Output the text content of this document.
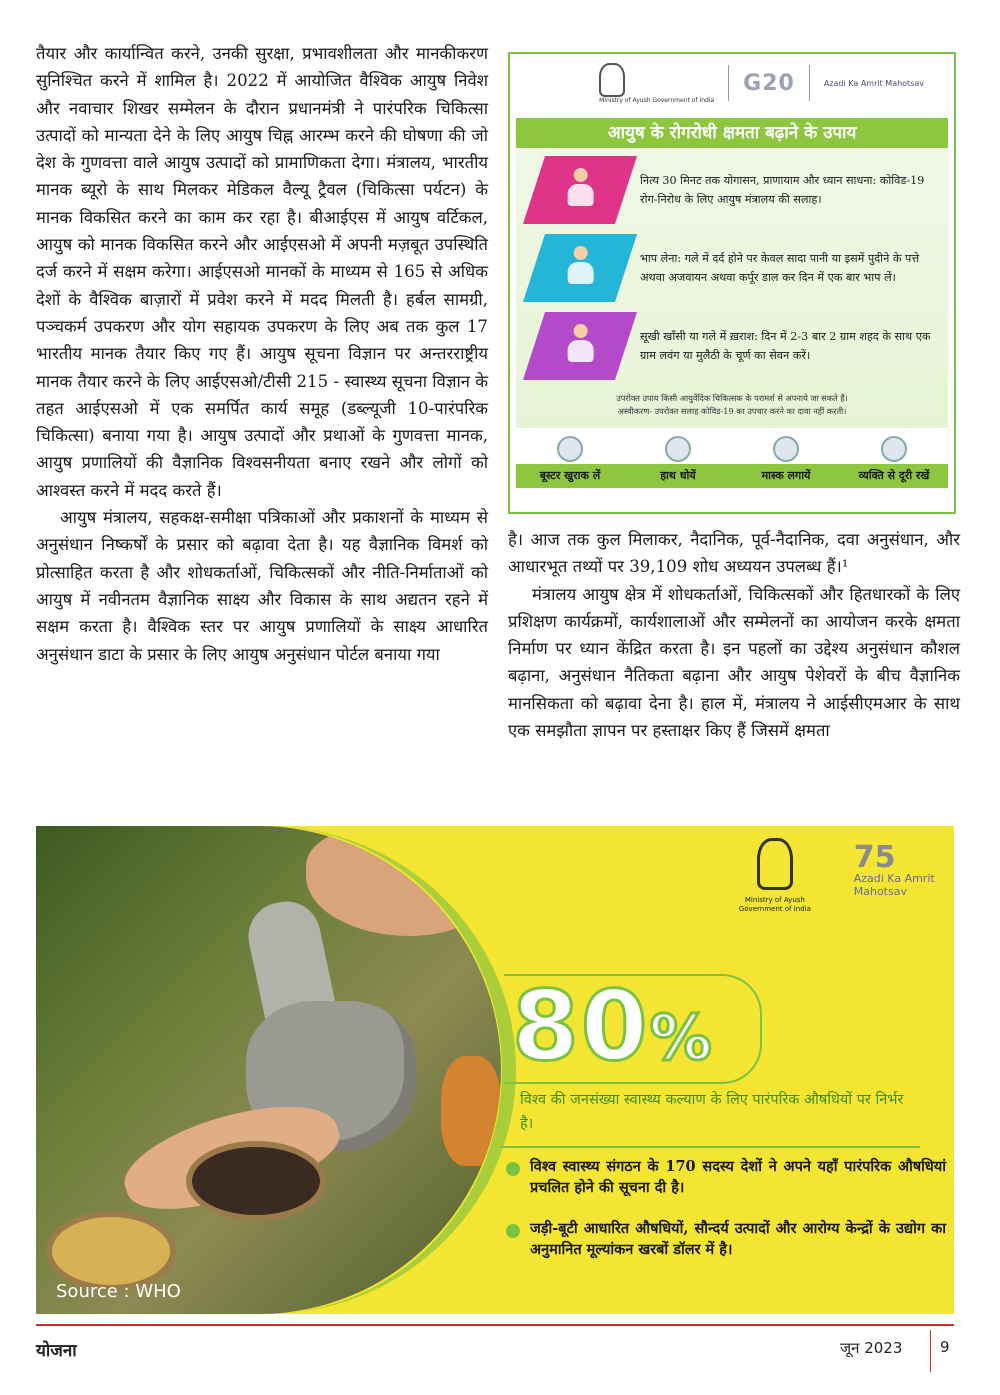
तैयार और कार्यान्वित करने, उनकी सुरक्षा, प्रभावशीलता और मानकीकरण सुनिश्चित करने में शामिल है। 2022 में आयोजित वैश्विक आयुष निवेश और नवाचार शिखर सम्मेलन के दौरान प्रधानमंत्री ने पारंपरिक चिकित्सा उत्पादों को मान्यता देने के लिए आयुष चिह्न आरम्भ करने की घोषणा की जो देश के गुणवत्ता वाले आयुष उत्पादों को प्रामाणिकता देगा। मंत्रालय, भारतीय मानक ब्यूरो के साथ मिलकर मेडिकल वैल्यू ट्रैवल (चिकित्सा पर्यटन) के मानक विकसित करने का काम कर रहा है। बीआईएस में आयुष वर्टिकल, आयुष को मानक विकसित करने और आईएसओ में अपनी मज़बूत उपस्थिति दर्ज करने में सक्षम करेगा। आईएसओ मानकों के माध्यम से 165 से अधिक देशों के वैश्विक बाज़ारों में प्रवेश करने में मदद मिलती है। हर्बल सामग्री, पञ्चकर्म उपकरण और योग सहायक उपकरण के लिए अब तक कुल 17 भारतीय मानक तैयार किए गए हैं। आयुष सूचना विज्ञान पर अन्तरराष्ट्रीय मानक तैयार करने के लिए आईएसओ/टीसी 215 - स्वास्थ्य सूचना विज्ञान के तहत आईएसओ में एक समर्पित कार्य समूह (डब्ल्यूजी 10-पारंपरिक चिकित्सा) बनाया गया है। आयुष उत्पादों और प्रथाओं के गुणवत्ता मानक, आयुष प्रणालियों की वैज्ञानिक विश्वसनीयता बनाए रखने और लोगों को आश्वस्त करने में मदद करते हैं।

आयुष मंत्रालय, सहकक्ष-समीक्षा पत्रिकाओं और प्रकाशनों के माध्यम से अनुसंधान निष्कर्षों के प्रसार को बढ़ावा देता है। यह वैज्ञानिक विमर्श को प्रोत्साहित करता है और शोधकर्ताओं, चिकित्सकों और नीति-निर्माताओं को आयुष में नवीनतम वैज्ञानिक साक्ष्य और विकास के साथ अद्यतन रहने में सक्षम करता है। वैश्विक स्तर पर आयुष प्रणालियों के साक्ष्य आधारित अनुसंधान डाटा के प्रसार के लिए आयुष अनुसंधान पोर्टल बनाया गया

Ministry of Ayush Government of India
G20	Azadi Ka Amrit Mahotsav
आयुष के रोगरोधी क्षमता बढ़ाने के उपाय
नित्य 30 मिनट तक योगासन, प्राणायाम और ध्यान साधना: कोविड-19 रोग-निरोध के लिए आयुष मंत्रालय की सलाह।
भाप लेना: गले में दर्द होने पर केवल सादा पानी या इसमें पुदीने के पत्ते अथवा अजवायन अथवा कर्पूर डाल कर दिन में एक बार भाप लें।
सूखी खाँसी या गले में ख़राश: दिन में 2-3 बार 2 ग्राम शहद के साथ एक ग्राम लवंग या मुलैठी के चूर्ण का सेवन करें।
उपरोक्त उपाय किसी आयुर्वेदिक चिकित्सक के परामर्श से अपनाये जा सकते हैं।
अस्वीकरण- उपरोक्त सलाह कोविड-19 का उपचार करने का दावा नहीं करती।
बूस्टर खुराक लें	हाथ धोयें	मास्क लगायें	व्यक्ति से दूरी रखें

है। आज तक कुल मिलाकर, नैदानिक, पूर्व-नैदानिक, दवा अनुसंधान, और आधारभूत तथ्यों पर 39,109 शोध अध्ययन उपलब्ध हैं।¹

मंत्रालय आयुष क्षेत्र में शोधकर्ताओं, चिकित्सकों और हितधारकों के लिए प्रशिक्षण कार्यक्रमों, कार्यशालाओं और सम्मेलनों का आयोजन करके क्षमता निर्माण पर ध्यान केंद्रित करता है। इन पहलों का उद्देश्य अनुसंधान कौशल बढ़ाना, अनुसंधान नैतिकता बढ़ाना और आयुष पेशेवरों के बीच वैज्ञानिक मानसिकता को बढ़ावा देना है। हाल में, मंत्रालय ने आईसीएमआर के साथ एक समझौता ज्ञापन पर हस्ताक्षर किए हैं जिसमें क्षमता

Source : WHO
Ministry of Ayush Government of India
75
Azadi Ka Amrit Mahotsav
80%
विश्व की जनसंख्या स्वास्थ्य कल्याण के लिए पारंपरिक औषधियों पर निर्भर है।
विश्व स्वास्थ्य संगठन के 170 सदस्य देशों ने अपने यहाँ पारंपरिक औषधियां प्रचलित होने की सूचना दी है।
जड़ी-बूटी आधारित औषधियों, सौन्दर्य उत्पादों और आरोग्य केन्द्रों के उद्योग का अनुमानित मूल्यांकन खरबों डॉलर में है।
योजना	जून 2023	9
